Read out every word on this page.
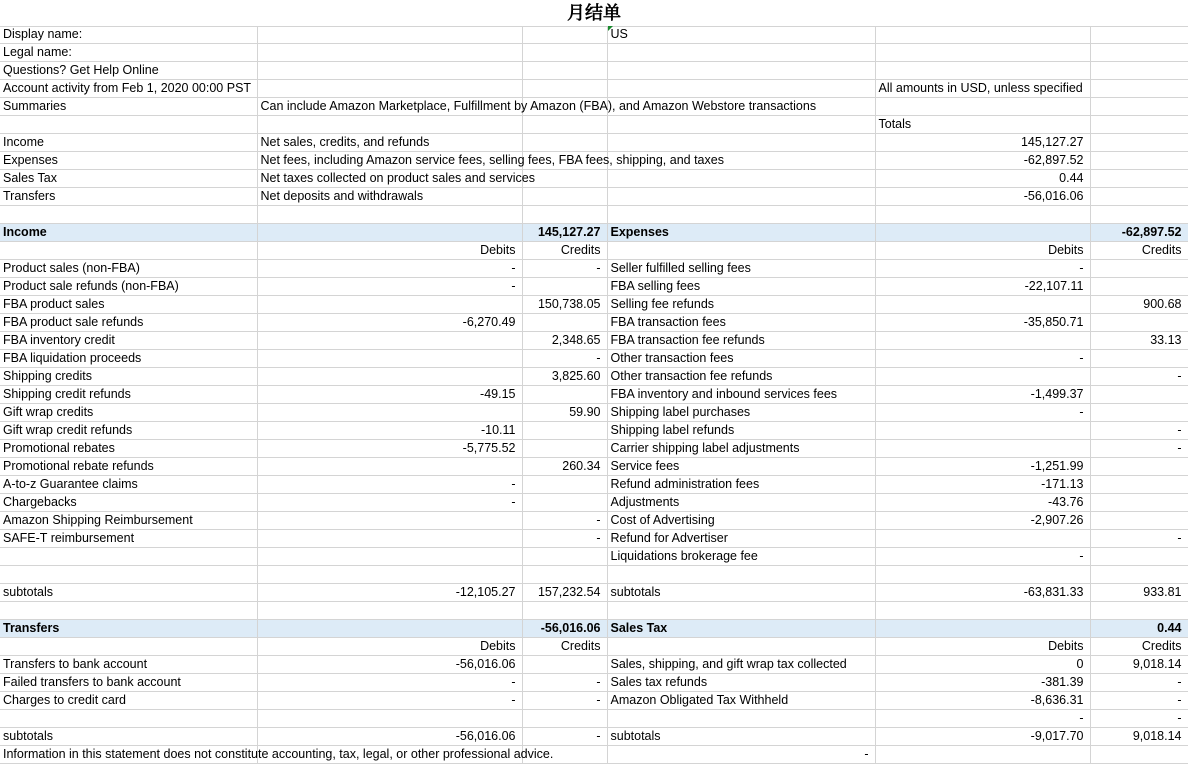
月结单
Display name:			US		
Legal name:					
Questions? Get Help Online					
Account activity from Feb 1, 2020 00:00 PST				All amounts in USD, unless specified	
Summaries	Can include Amazon Marketplace, Fulfillment by Amazon (FBA), and Amazon Webstore transactions				
				Totals	
Income	Net sales, credits, and refunds			145,127.27	
Expenses	Net fees, including Amazon service fees, selling fees, FBA fees, shipping, and taxes			-62,897.52	
Sales Tax	Net taxes collected on product sales and services			0.44	
Transfers	Net deposits and withdrawals			-56,016.06	

Income		145,127.27	Expenses		-62,897.52
	Debits	Credits		Debits	Credits
Product sales (non-FBA)	-	-	Seller fulfilled selling fees	-	
Product sale refunds (non-FBA)	-		FBA selling fees	-22,107.11	
FBA product sales		150,738.05	Selling fee refunds		900.68
FBA product sale refunds	-6,270.49		FBA transaction fees	-35,850.71	
FBA inventory credit		2,348.65	FBA transaction fee refunds		33.13
FBA liquidation proceeds		-	Other transaction fees	-	
Shipping credits		3,825.60	Other transaction fee refunds		-
Shipping credit refunds	-49.15		FBA inventory and inbound services fees	-1,499.37	
Gift wrap credits		59.90	Shipping label purchases	-	
Gift wrap credit refunds	-10.11		Shipping label refunds		-
Promotional rebates	-5,775.52		Carrier shipping label adjustments		-
Promotional rebate refunds		260.34	Service fees	-1,251.99	
A-to-z Guarantee claims	-		Refund administration fees	-171.13	
Chargebacks	-		Adjustments	-43.76	
Amazon Shipping Reimbursement		-	Cost of Advertising	-2,907.26	
SAFE-T reimbursement		-	Refund for Advertiser		-
			Liquidations brokerage fee	-	

subtotals	-12,105.27	157,232.54	subtotals	-63,831.33	933.81

Transfers		-56,016.06	Sales Tax		0.44
	Debits	Credits		Debits	Credits
Transfers to bank account	-56,016.06		Sales, shipping, and gift wrap tax collected	0	9,018.14
Failed transfers to bank account	-	-	Sales tax refunds	-381.39	-
Charges to credit card	-	-	Amazon Obligated Tax Withheld	-8,636.31	-
				-	-
subtotals	-56,016.06	-	subtotals	-9,017.70	9,018.14
Information in this statement does not constitute accounting, tax, legal, or other professional advice.			-		
